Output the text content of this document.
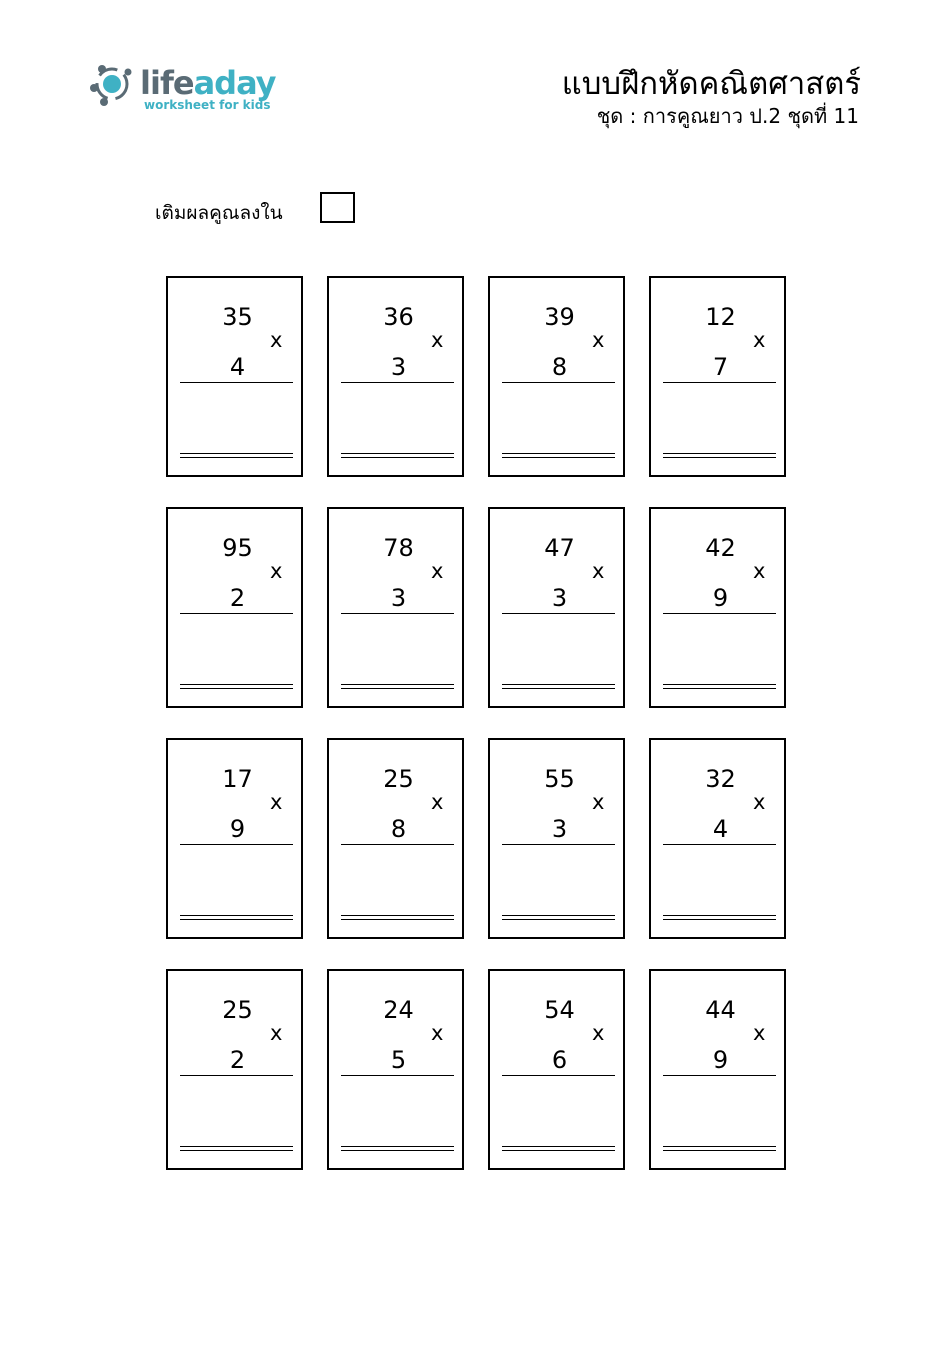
lifeaday
worksheet for kids
แบบฝึกหัดคณิตศาสตร์
ชุด : การคูณยาว ป.2 ชุดที่ 11
เติมผลคูณลงใน
35
x
4
36
x
3
39
x
8
12
x
7
95
x
2
78
x
3
47
x
3
42
x
9
17
x
9
25
x
8
55
x
3
32
x
4
25
x
2
24
x
5
54
x
6
44
x
9
